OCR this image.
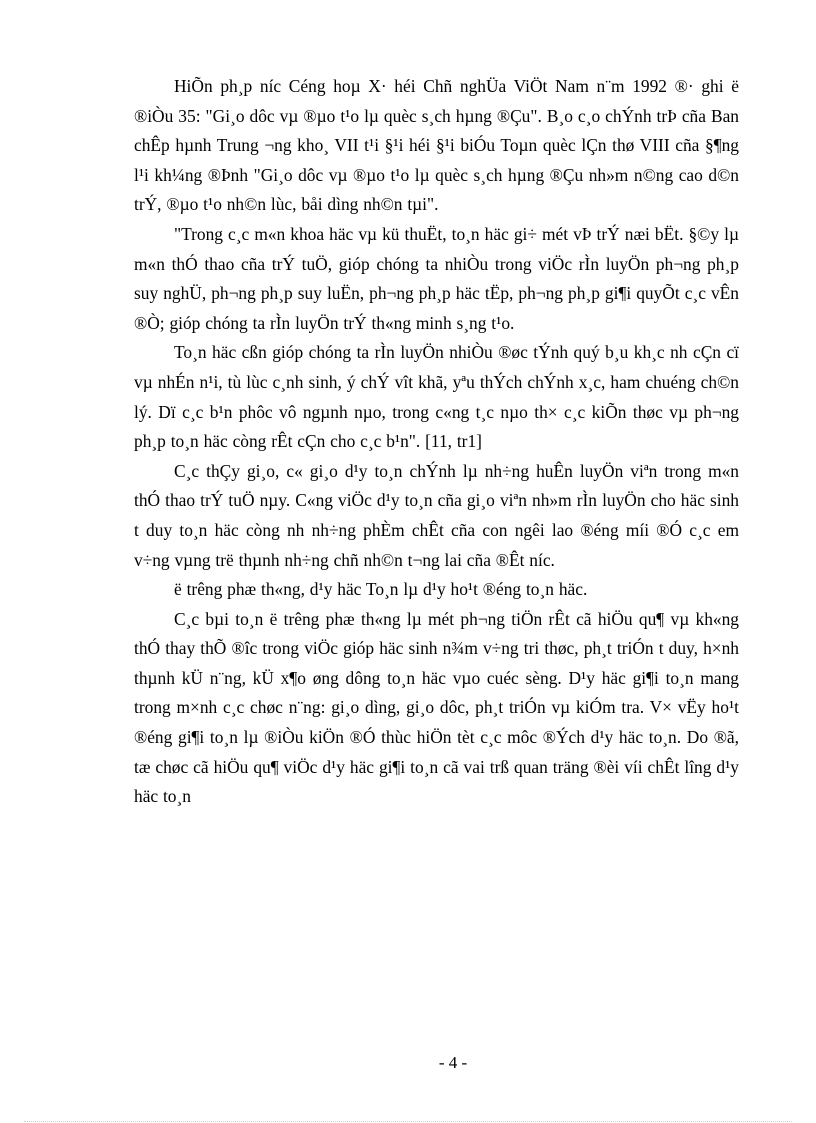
HiÕn ph¸p níc Céng hoµ X· héi Chñ nghÜa ViÖt Nam n¨m 1992 ®· ghi ë ®iÒu 35: "Gi¸o dôc vµ ®µo t¹o lµ quèc s¸ch hµng ®Çu". B¸o c¸o chÝnh trÞ cña Ban chÊp hµnh Trung ¬ng kho¸ VII t¹i §¹i héi §¹i biÓu Toµn quèc lÇn thø VIII cña §¶ng l¹i kh¼ng ®Þnh "Gi¸o dôc vµ ®µo t¹o lµ quèc s¸ch hµng ®Çu nh»m n©ng cao d©n trÝ, ®µo t¹o nh©n lùc, båi dìng nh©n tµi".

"Trong c¸c m«n khoa häc vµ kü thuËt, to¸n häc gi÷ mét vÞ trÝ næi bËt. §©y lµ m«n thÓ thao cña trÝ tuÖ, gióp chóng ta nhiÒu trong viÖc rÌn luyÖn ph¬ng ph¸p suy nghÜ, ph¬ng ph¸p suy luËn, ph¬ng ph¸p häc tËp, ph¬ng ph¸p gi¶i quyÕt c¸c vÊn ®Ò; gióp chóng ta rÌn luyÖn trÝ th«ng minh s¸ng t¹o.

To¸n häc cßn gióp chóng ta rÌn luyÖn nhiÒu ®øc tÝnh quý b¸u kh¸c nh cÇn cï vµ nhÉn n¹i, tù lùc c¸nh sinh, ý chÝ vît khã, yªu thÝch chÝnh x¸c, ham chuéng ch©n lý. Dï c¸c b¹n phôc vô ngµnh nµo, trong c«ng t¸c nµo th× c¸c kiÕn thøc vµ ph¬ng ph¸p to¸n häc còng rÊt cÇn cho c¸c b¹n". [11, tr1]

C¸c thÇy gi¸o, c« gi¸o d¹y to¸n chÝnh lµ nh÷ng huÊn luyÖn viªn trong m«n thÓ thao trÝ tuÖ nµy. C«ng viÖc d¹y to¸n cña gi¸o viªn nh»m rÌn luyÖn cho häc sinh t duy to¸n häc còng nh nh÷ng phÈm chÊt cña con ngêi lao ®éng míi ®Ó c¸c em v÷ng vµng trë thµnh nh÷ng chñ nh©n t¬ng lai cña ®Êt níc.

ë trêng phæ th«ng, d¹y häc To¸n lµ d¹y ho¹t ®éng to¸n häc.

C¸c bµi to¸n ë trêng phæ th«ng lµ mét ph¬ng tiÖn rÊt cã hiÖu qu¶ vµ kh«ng thÓ thay thÕ ®îc trong viÖc gióp häc sinh n¾m v÷ng tri thøc, ph¸t triÓn t duy, h×nh thµnh kÜ n¨ng, kÜ x¶o øng dông to¸n häc vµo cuéc sèng. D¹y häc gi¶i to¸n mang trong m×nh c¸c chøc n¨ng: gi¸o dìng, gi¸o dôc, ph¸t triÓn vµ kiÓm tra. V× vËy ho¹t ®éng gi¶i to¸n lµ ®iÒu kiÖn ®Ó thùc hiÖn tèt c¸c môc ®Ých d¹y häc to¸n. Do ®ã, tæ chøc cã hiÖu qu¶ viÖc d¹y häc gi¶i to¸n cã vai trß quan träng ®èi víi chÊt lîng d¹y häc to¸n

- 4 -
